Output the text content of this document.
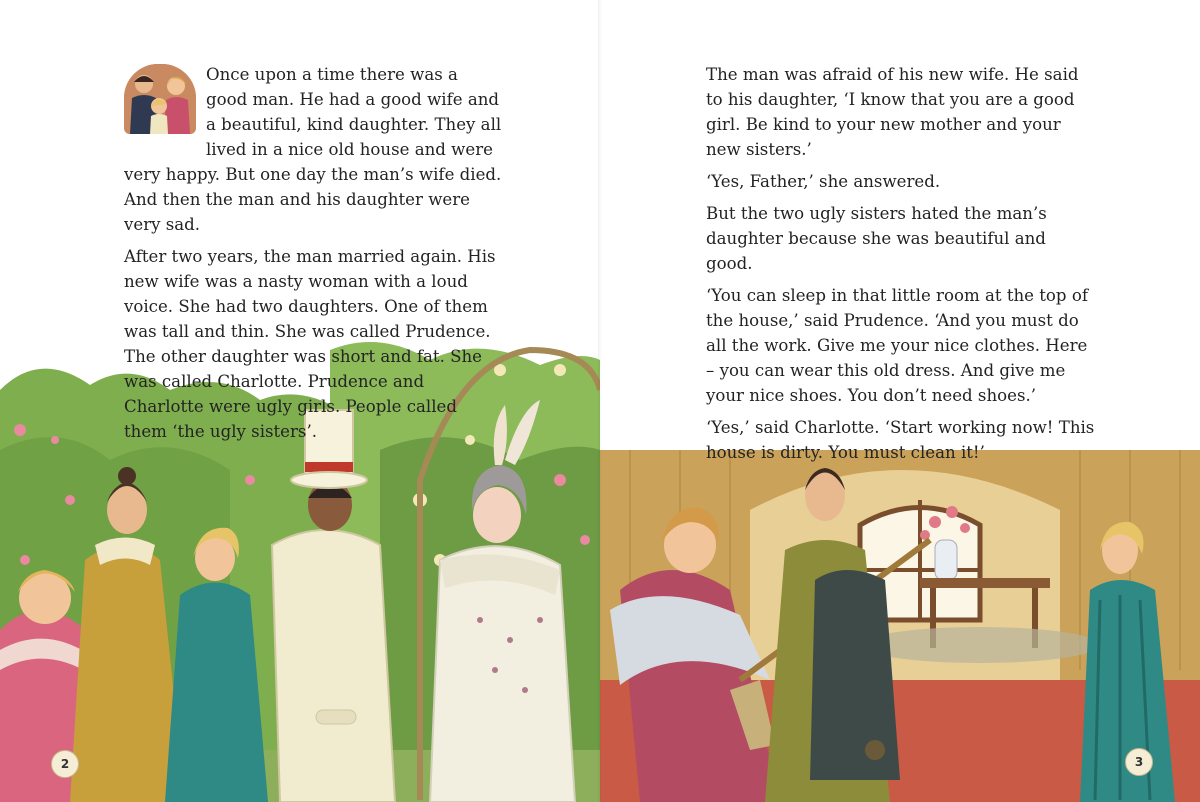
Once upon a time there was a good man. He had a good wife and a beautiful, kind daughter. They all lived in a nice old house and were very happy. But one day the man’s wife died. And then the man and his daughter were very sad.

After two years, the man married again. His new wife was a nasty woman with a loud voice. She had two daughters. One of them was tall and thin. She was called Prudence. The other daughter was short and fat. She was called Charlotte. Prudence and Charlotte were ugly girls. People called them ‘the ugly sisters’.

2

The man was afraid of his new wife. He said to his daughter, ‘I know that you are a good girl. Be kind to your new mother and your new sisters.’

‘Yes, Father,’ she answered.

But the two ugly sisters hated the man’s daughter because she was beautiful and good.

‘You can sleep in that little room at the top of the house,’ said Prudence. ‘And you must do all the work. Give me your nice clothes. Here – you can wear this old dress. And give me your nice shoes. You don’t need shoes.’

‘Yes,’ said Charlotte. ‘Start working now! This house is dirty. You must clean it!’

3
